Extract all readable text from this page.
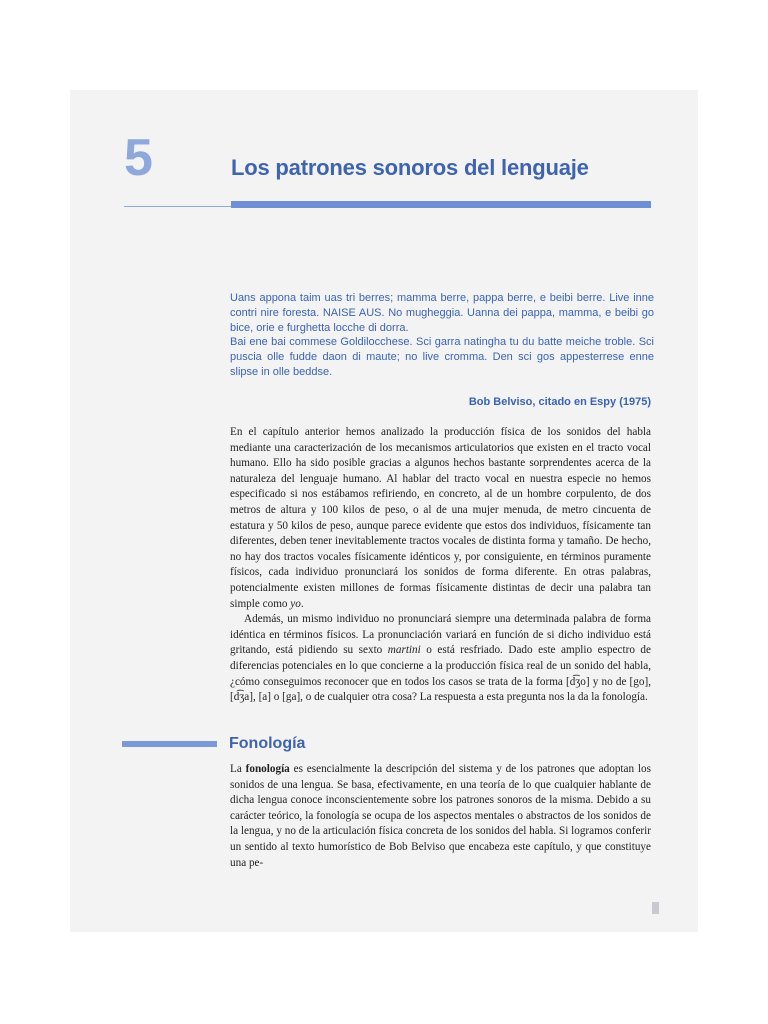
5	Los patrones sonoros del lenguaje

Uans appona taim uas tri berres; mamma berre, pappa berre, e beibi berre. Live inne contri nire foresta. NAISE AUS. No mugheggia. Uanna dei pappa, mamma, e beibi go bice, orie e furghetta locche di dorra.

Bai ene bai commese Goldilocchese. Sci garra natingha tu du batte meiche troble. Sci puscia olle fudde daon di maute; no live cromma. Den sci gos appesterrese enne slipse in olle beddse.

Bob Belviso, citado en Espy (1975)

En el capítulo anterior hemos analizado la producción física de los sonidos del habla mediante una caracterización de los mecanismos articulatorios que existen en el tracto vocal humano. Ello ha sido posible gracias a algunos hechos bastante sorprendentes acerca de la naturaleza del lenguaje humano. Al hablar del tracto vocal en nuestra especie no hemos especificado si nos estábamos refiriendo, en concreto, al de un hombre corpulento, de dos metros de altura y 100 kilos de peso, o al de una mujer menuda, de metro cincuenta de estatura y 50 kilos de peso, aunque parece evidente que estos dos individuos, físicamente tan diferentes, deben tener inevitablemente tractos vocales de distinta forma y tamaño. De hecho, no hay dos tractos vocales físicamente idénticos y, por consiguiente, en términos puramente físicos, cada individuo pronunciará los sonidos de forma diferente. En otras palabras, potencialmente existen millones de formas físicamente distintas de decir una palabra tan simple como yo.

Además, un mismo individuo no pronunciará siempre una determinada palabra de forma idéntica en términos físicos. La pronunciación variará en función de si dicho individuo está gritando, está pidiendo su sexto martini o está resfriado. Dado este amplio espectro de diferencias potenciales en lo que concierne a la producción física real de un sonido del habla, ¿cómo conseguimos reconocer que en todos los casos se trata de la forma [d͡ʒo] y no de [go], [d͡ʒa], [a] o [ga], o de cualquier otra cosa? La respuesta a esta pregunta nos la da la fonología.

Fonología

La fonología es esencialmente la descripción del sistema y de los patrones que adoptan los sonidos de una lengua. Se basa, efectivamente, en una teoría de lo que cualquier hablante de dicha lengua conoce inconscientemente sobre los patrones sonoros de la misma. Debido a su carácter teórico, la fonología se ocupa de los aspectos mentales o abstractos de los sonidos de la lengua, y no de la articulación física concreta de los sonidos del habla. Si logramos conferir un sentido al texto humorístico de Bob Belviso que encabeza este capítulo, y que constituye una pe-
